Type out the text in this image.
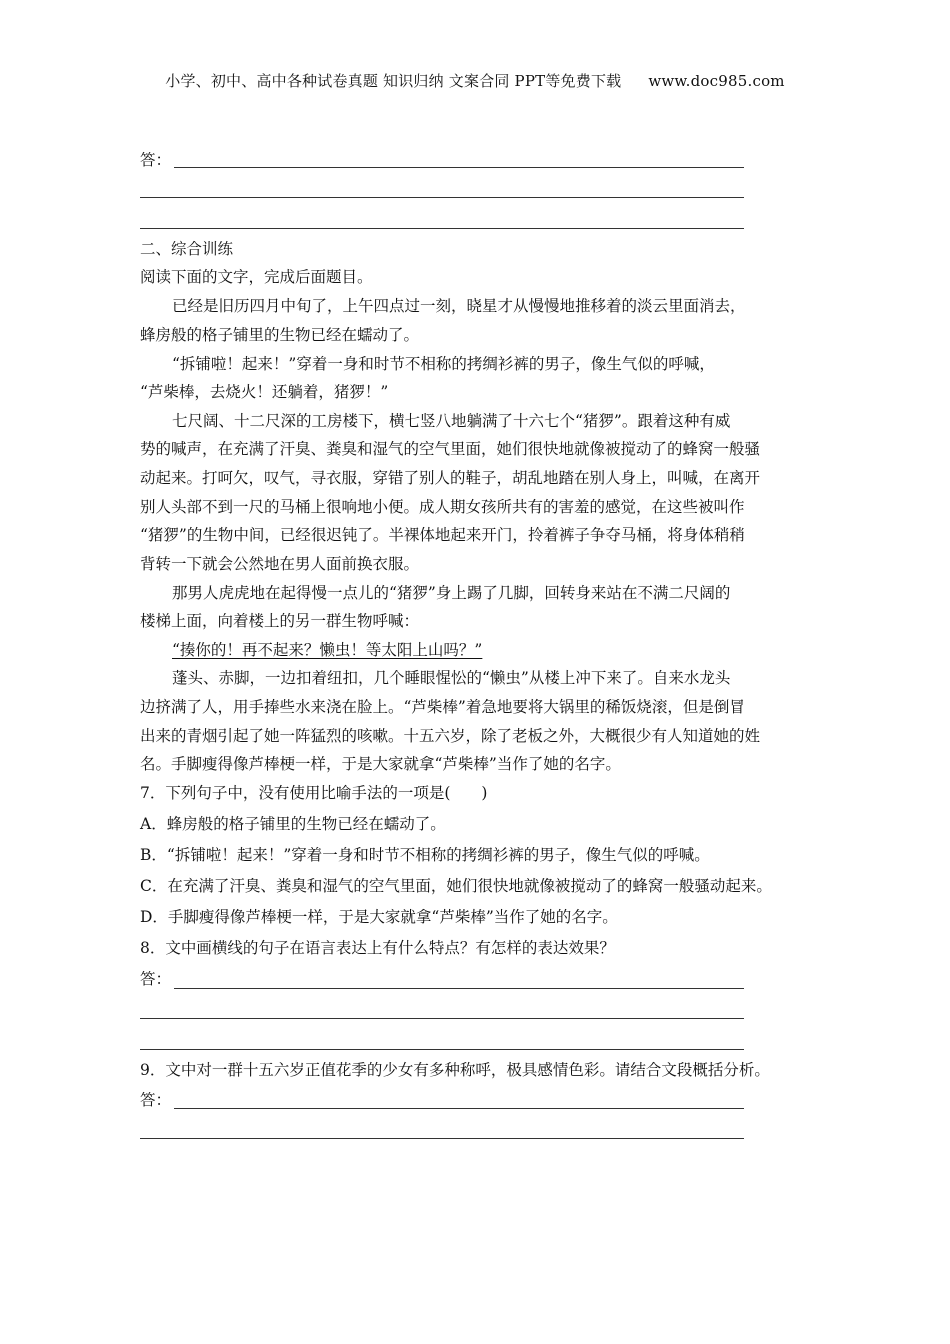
小学、初中、高中各种试卷真题 知识归纳 文案合同 PPT等免费下载 www.doc985.com
答：
二、综合训练
阅读下面的文字，完成后面题目。
已经是旧历四月中旬了，上午四点过一刻，晓星才从慢慢地推移着的淡云里面消去，
蜂房般的格子铺里的生物已经在蠕动了。
“拆铺啦！起来！”穿着一身和时节不相称的拷绸衫裤的男子，像生气似的呼喊，
“芦柴棒，去烧火！还躺着，猪猡！”
七尺阔、十二尺深的工房楼下，横七竖八地躺满了十六七个“猪猡”。跟着这种有威
势的喊声，在充满了汗臭、粪臭和湿气的空气里面，她们很快地就像被搅动了的蜂窝一般骚
动起来。打呵欠，叹气，寻衣服，穿错了别人的鞋子，胡乱地踏在别人身上，叫喊，在离开
别人头部不到一尺的马桶上很响地小便。成人期女孩所共有的害羞的感觉，在这些被叫作
“猪猡”的生物中间，已经很迟钝了。半裸体地起来开门，拎着裤子争夺马桶，将身体稍稍
背转一下就会公然地在男人面前换衣服。
那男人虎虎地在起得慢一点儿的“猪猡”身上踢了几脚，回转身来站在不满二尺阔的
楼梯上面，向着楼上的另一群生物呼喊：
“揍你的！再不起来？懒虫！等太阳上山吗？”
蓬头、赤脚，一边扣着纽扣，几个睡眼惺忪的“懒虫”从楼上冲下来了。自来水龙头
边挤满了人，用手捧些水来浇在脸上。“芦柴棒”着急地要将大锅里的稀饭烧滚，但是倒冒
出来的青烟引起了她一阵猛烈的咳嗽。十五六岁，除了老板之外，大概很少有人知道她的姓
名。手脚瘦得像芦棒梗一样，于是大家就拿“芦柴棒”当作了她的名字。
7．下列句子中，没有使用比喻手法的一项是(　　)
A．蜂房般的格子铺里的生物已经在蠕动了。
B．“拆铺啦！起来！”穿着一身和时节不相称的拷绸衫裤的男子，像生气似的呼喊。
C．在充满了汗臭、粪臭和湿气的空气里面，她们很快地就像被搅动了的蜂窝一般骚动起来。
D．手脚瘦得像芦棒梗一样，于是大家就拿“芦柴棒”当作了她的名字。
8．文中画横线的句子在语言表达上有什么特点？有怎样的表达效果？
答：
9．文中对一群十五六岁正值花季的少女有多种称呼，极具感情色彩。请结合文段概括分析。
答：
